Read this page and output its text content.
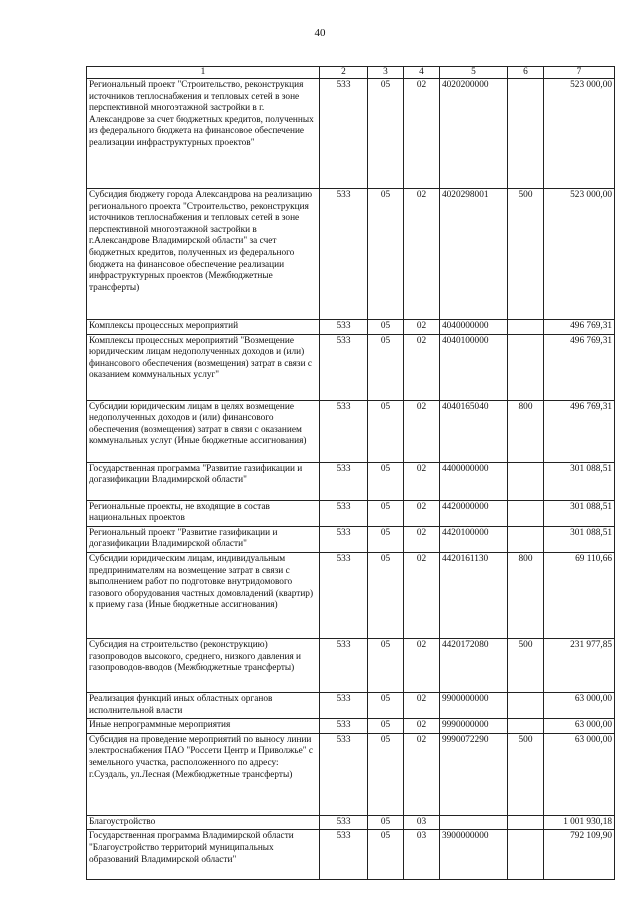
40
1	2	3	4	5	6	7
Региональный проект "Строительство, реконструкция источников теплоснабжения и тепловых сетей в зоне перспективной многоэтажной застройки в г. Александрове за счет бюджетных кредитов, полученных из федерального бюджета на финансовое обеспечение реализации инфраструктурных проектов"	533	05	02	4020200000		523 000,00
Субсидия бюджету города Александрова на реализацию регионального проекта "Строительство, реконструкция источников теплоснабжения и тепловых сетей в зоне перспективной многоэтажной застройки в г.Александрове Владимирской области" за счет бюджетных кредитов, полученных из федерального бюджета на финансовое обеспечение реализации инфраструктурных проектов (Межбюджетные трансферты)	533	05	02	4020298001	500	523 000,00
Комплексы процессных мероприятий	533	05	02	4040000000		496 769,31
Комплексы процессных мероприятий "Возмещение юридическим лицам недополученных доходов и (или) финансового обеспечения (возмещения) затрат в связи с оказанием коммунальных услуг"	533	05	02	4040100000		496 769,31
Субсидии юридическим лицам в целях возмещение недополученных доходов и (или) финансового обеспечения (возмещения) затрат в связи с оказанием коммунальных услуг (Иные бюджетные ассигнования)	533	05	02	4040165040	800	496 769,31
Государственная программа "Развитие газификации и догазификации Владимирской области"	533	05	02	4400000000		301 088,51
Региональные проекты, не входящие в состав национальных проектов	533	05	02	4420000000		301 088,51
Региональный проект "Развитие газификации и догазификации Владимирской области"	533	05	02	4420100000		301 088,51
Субсидии юридическим лицам, индивидуальным предпринимателям на возмещение затрат в связи с выполнением работ по подготовке внутридомового газового оборудования частных домовладений (квартир) к приему газа (Иные бюджетные ассигнования)	533	05	02	4420161130	800	69 110,66
Субсидия на строительство (реконструкцию) газопроводов высокого, среднего, низкого давления и газопроводов-вводов (Межбюджетные трансферты)	533	05	02	4420172080	500	231 977,85
Реализация функций иных областных органов исполнительной власти	533	05	02	9900000000		63 000,00
Иные непрограммные мероприятия	533	05	02	9990000000		63 000,00
Субсидия на проведение мероприятий по выносу линии электроснабжения ПАО "Россети Центр и Приволжье" с земельного участка, расположенного по адресу: г.Суздаль, ул.Лесная (Межбюджетные трансферты)	533	05	02	9990072290	500	63 000,00
Благоустройство	533	05	03			1 001 930,18
Государственная программа Владимирской области "Благоустройство территорий муниципальных образований Владимирской области"	533	05	03	3900000000		792 109,90
